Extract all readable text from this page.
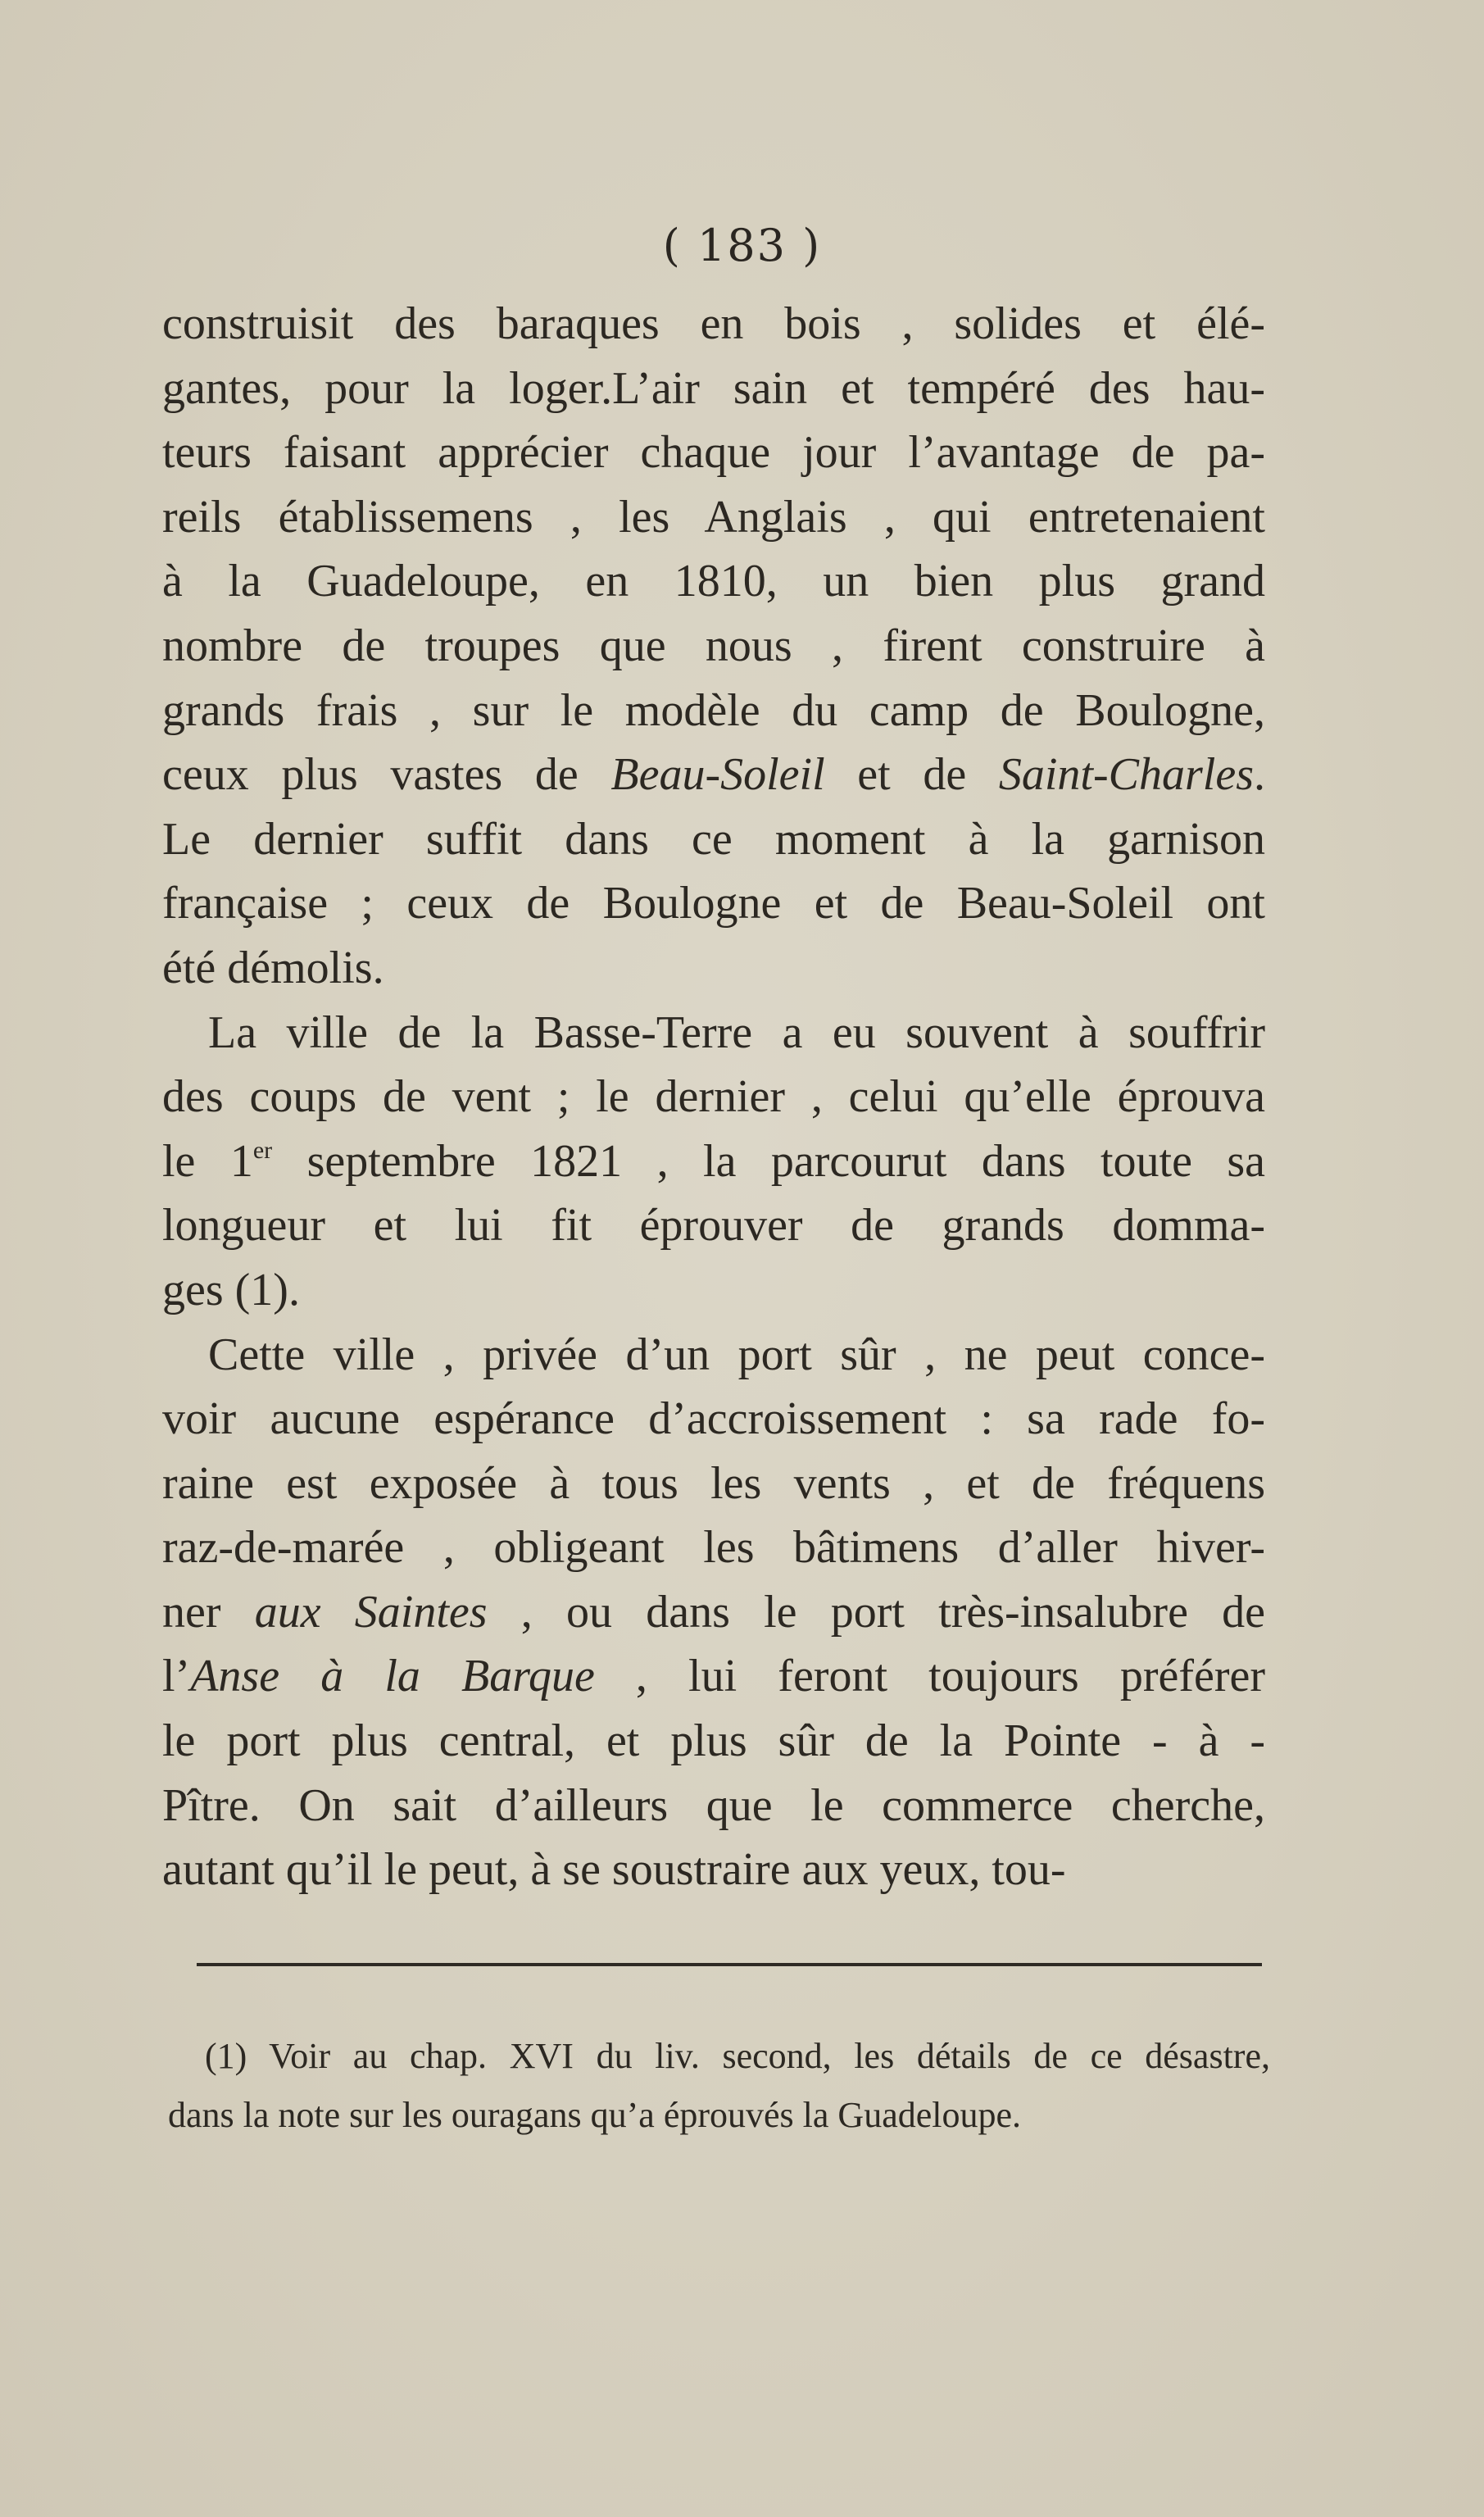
( 183 )
construisit des baraques en bois , solides et élé-
gantes, pour la loger.L’air sain et tempéré des hau-
teurs faisant apprécier chaque jour l’avantage de pa-
reils établissemens , les Anglais , qui entretenaient
à la Guadeloupe, en 1810, un bien plus grand
nombre de troupes que nous , firent construire à
grands frais , sur le modèle du camp de Boulogne,
ceux plus vastes de Beau-Soleil et de Saint-Charles.
Le dernier suffit dans ce moment à la garnison
française ; ceux de Boulogne et de Beau-Soleil ont
été démolis.
La ville de la Basse-Terre a eu souvent à souffrir
des coups de vent ; le dernier , celui qu’elle éprouva
le 1er septembre 1821 , la parcourut dans toute sa
longueur et lui fit éprouver de grands domma-
ges (1).
Cette ville , privée d’un port sûr , ne peut conce-
voir aucune espérance d’accroissement : sa rade fo-
raine est exposée à tous les vents , et de fréquens
raz-de-marée , obligeant les bâtimens d’aller hiver-
ner aux Saintes , ou dans le port très-insalubre de
l’Anse à la Barque , lui feront toujours préférer
le port plus central, et plus sûr de la Pointe - à -
Pître. On sait d’ailleurs que le commerce cherche,
autant qu’il le peut, à se soustraire aux yeux, tou-
(1) Voir au chap. XVI du liv. second, les détails de ce désastre,
dans la note sur les ouragans qu’a éprouvés la Guadeloupe.
